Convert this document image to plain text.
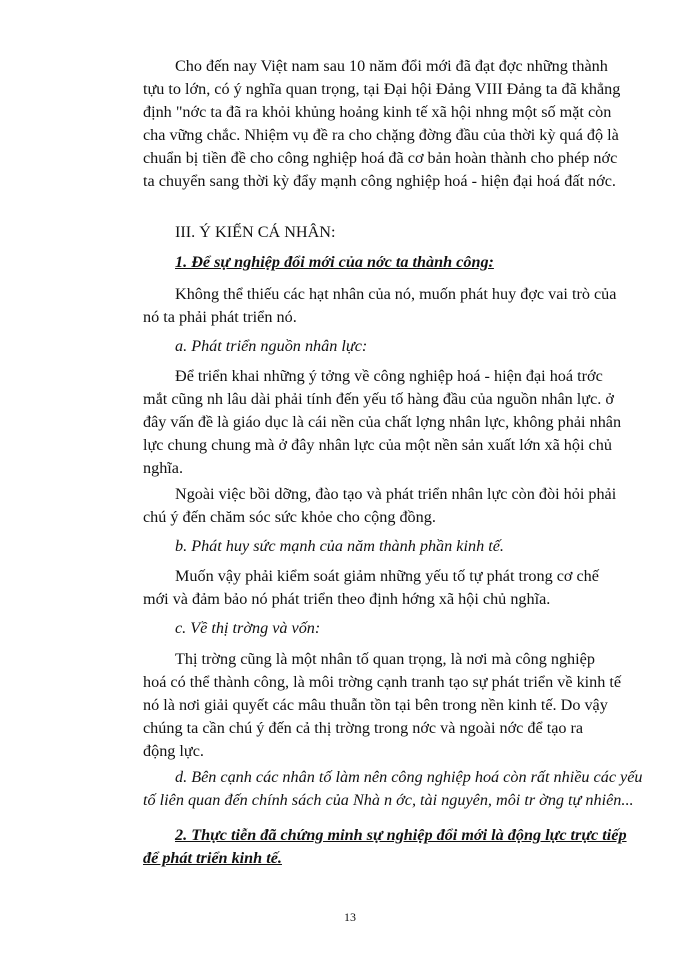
Cho đến nay Việt nam sau 10 năm đổi mới đã đạt đợc những thành
tựu to lớn, có ý nghĩa quan trọng, tại Đại hội Đảng VIII Đảng ta đã khẳng
định "nớc ta đã ra khỏi khủng hoảng kinh tế xã hội nhng một số mặt còn
cha vững chắc. Nhiệm vụ đề ra cho chặng đờng đầu của thời kỳ quá độ là
chuẩn bị tiền đề cho công nghiệp hoá đã cơ bản hoàn thành cho phép nớc
ta chuyển sang thời kỳ đẩy mạnh công nghiệp hoá - hiện đại hoá đất nớc.
III. Ý KIẾN CÁ NHÂN:
1. Để sự nghiệp đổi mới của nớc ta thành công:
Không thể thiếu các hạt nhân của nó, muốn phát huy đợc vai trò của
nó ta phải phát triển nó.
a. Phát triển nguồn nhân lực:
Để triển khai những ý tởng về công nghiệp hoá - hiện đại hoá trớc
mắt cũng nh lâu dài phải tính đến yếu tố hàng đầu của nguồn nhân lực. ở
đây vấn đề là giáo dục là cái nền của chất lợng nhân lực, không phải nhân
lực chung chung mà ở đây nhân lực của một nền sản xuất lớn xã hội chủ
nghĩa.
Ngoài việc bồi dỡng, đào tạo và phát triển nhân lực còn đòi hỏi phải
chú ý đến chăm sóc sức khỏe cho cộng đồng.
b. Phát huy sức mạnh của năm thành phần kinh tế.
Muốn vậy phải kiểm soát giảm những yếu tố tự phát trong cơ chế
mới và đảm bảo nó phát triển theo định hớng xã hội chủ nghĩa.
c. Về thị trờng và vốn:
Thị trờng cũng là một nhân tố quan trọng, là nơi mà công nghiệp
hoá có thể thành công, là môi trờng cạnh tranh tạo sự phát triển về kinh tế
nó là nơi giải quyết các mâu thuẫn tồn tại bên trong nền kinh tế. Do vậy
chúng ta cần chú ý đến cả thị trờng trong nớc và ngoài nớc để tạo ra
động lực.
d. Bên cạnh các nhân tố làm nên công nghiệp hoá còn rất nhiều các yếu
tố liên quan đến chính sách của Nhà n ớc, tài nguyên, môi tr ờng tự nhiên...
2. Thực tiễn đã chứng minh sự nghiệp đổi mới là động lực trực tiếp
để phát triển kinh tế.
13
